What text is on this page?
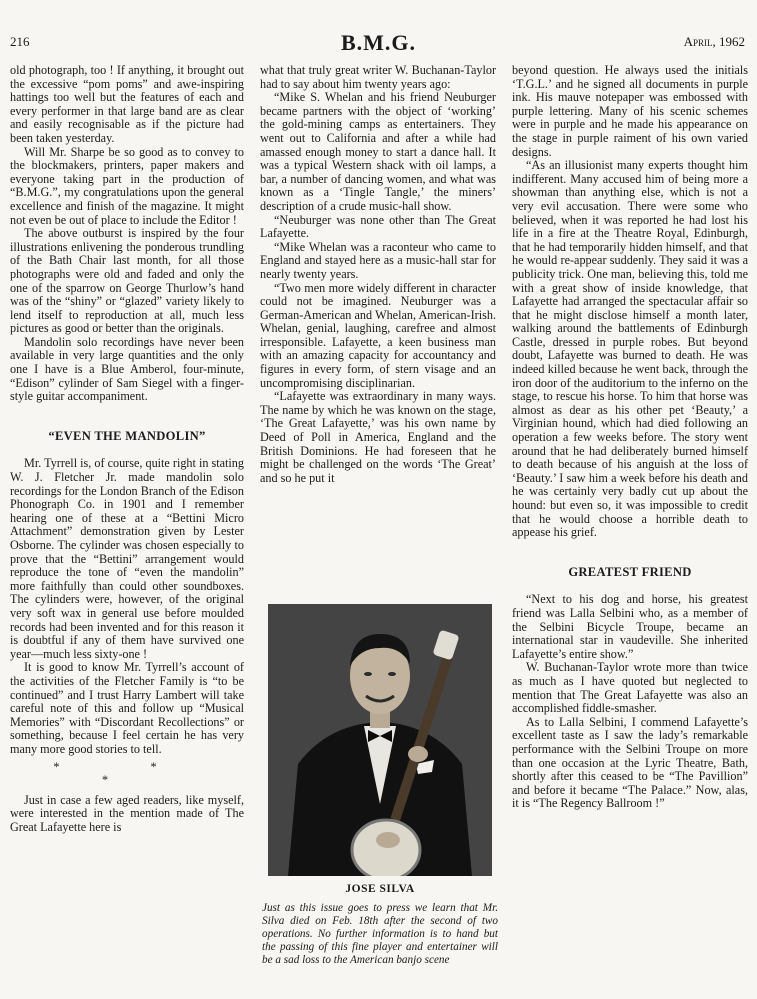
216	B.M.G.	April, 1962

old photograph, too ! If anything, it brought out the excessive “pom poms” and awe-inspiring hattings too well but the features of each and every performer in that large band are as clear and easily recognisable as if the picture had been taken yesterday.

Will Mr. Sharpe be so good as to convey to the blockmakers, printers, paper makers and everyone taking part in the production of “B.M.G.”, my congratulations upon the general excellence and finish of the magazine. It might not even be out of place to include the Editor !

The above outburst is inspired by the four illustrations enlivening the ponderous trundling of the Bath Chair last month, for all those photographs were old and faded and only the one of the sparrow on George Thurlow’s hand was of the “shiny” or “glazed” variety likely to lend itself to reproduction at all, much less pictures as good or better than the originals.

Mandolin solo recordings have never been available in very large quantities and the only one I have is a Blue Amberol, four-minute, “Edison” cylinder of Sam Siegel with a finger-style guitar accompaniment.

“EVEN THE MANDOLIN”

Mr. Tyrrell is, of course, quite right in stating W. J. Fletcher Jr. made mandolin solo recordings for the London Branch of the Edison Phonograph Co. in 1901 and I remember hearing one of these at a “Bettini Micro Attachment” demonstration given by Lester Osborne. The cylinder was chosen especially to prove that the “Bettini” arrangement would reproduce the tone of “even the mandolin” more faithfully than could other soundboxes. The cylinders were, however, of the original very soft wax in general use before moulded records had been invented and for this reason it is doubtful if any of them have survived one year—much less sixty-one !

It is good to know Mr. Tyrrell’s account of the activities of the Fletcher Family is “to be continued” and I trust Harry Lambert will take careful note of this and follow up “Musical Memories” with “Discordant Recollections” or something, because I feel certain he has very many more good stories to tell.

* * *

Just in case a few aged readers, like myself, were interested in the mention made of The Great Lafayette here is

what that truly great writer W. Buchanan-Taylor had to say about him twenty years ago:

“Mike S. Whelan and his friend Neuburger became partners with the object of ‘working’ the gold-mining camps as entertainers. They went out to California and after a while had amassed enough money to start a dance hall. It was a typical Western shack with oil lamps, a bar, a number of dancing women, and what was known as a ‘Tingle Tangle,’ the miners’ description of a crude music-hall show.

“Neuburger was none other than The Great Lafayette.

“Mike Whelan was a raconteur who came to England and stayed here as a music-hall star for nearly twenty years.

“Two men more widely different in character could not be imagined. Neuburger was a German-American and Whelan, American-Irish. Whelan, genial, laughing, carefree and almost irresponsible. Lafayette, a keen business man with an amazing capacity for accountancy and figures in every form, of stern visage and an uncompromising disciplinarian.

“Lafayette was extraordinary in many ways. The name by which he was known on the stage, ‘The Great Lafayette,’ was his own name by Deed of Poll in America, England and the British Dominions. He had foreseen that he might be challenged on the words ‘The Great’ and so he put it

JOSE SILVA
Just as this issue goes to press we learn that Mr. Silva died on Feb. 18th after the second of two operations. No further information is to hand but the passing of this fine player and entertainer will be a sad loss to the American banjo scene

beyond question. He always used the initials ‘T.G.L.’ and he signed all documents in purple ink. His mauve notepaper was embossed with purple lettering. Many of his scenic schemes were in purple and he made his appearance on the stage in purple raiment of his own varied designs.

“As an illusionist many experts thought him indifferent. Many accused him of being more a showman than anything else, which is not a very evil accusation. There were some who believed, when it was reported he had lost his life in a fire at the Theatre Royal, Edinburgh, that he had temporarily hidden himself, and that he would re-appear suddenly. They said it was a publicity trick. One man, believing this, told me with a great show of inside knowledge, that Lafayette had arranged the spectacular affair so that he might disclose himself a month later, walking around the battlements of Edinburgh Castle, dressed in purple robes. But beyond doubt, Lafayette was burned to death. He was indeed killed because he went back, through the iron door of the auditorium to the inferno on the stage, to rescue his horse. To him that horse was almost as dear as his other pet ‘Beauty,’ a Virginian hound, which had died following an operation a few weeks before. The story went around that he had deliberately burned himself to death because of his anguish at the loss of ‘Beauty.’ I saw him a week before his death and he was certainly very badly cut up about the hound: but even so, it was impossible to credit that he would choose a horrible death to appease his grief.

GREATEST FRIEND

“Next to his dog and horse, his greatest friend was Lalla Selbini who, as a member of the Selbini Bicycle Troupe, became an international star in vaudeville. She inherited Lafayette’s entire show.”

W. Buchanan-Taylor wrote more than twice as much as I have quoted but neglected to mention that The Great Lafayette was also an accomplished fiddle-smasher.

As to Lalla Selbini, I commend Lafayette’s excellent taste as I saw the lady’s remarkable performance with the Selbini Troupe on more than one occasion at the Lyric Theatre, Bath, shortly after this ceased to be “The Pavillion” and before it became “The Palace.” Now, alas, it is “The Regency Ballroom !”
